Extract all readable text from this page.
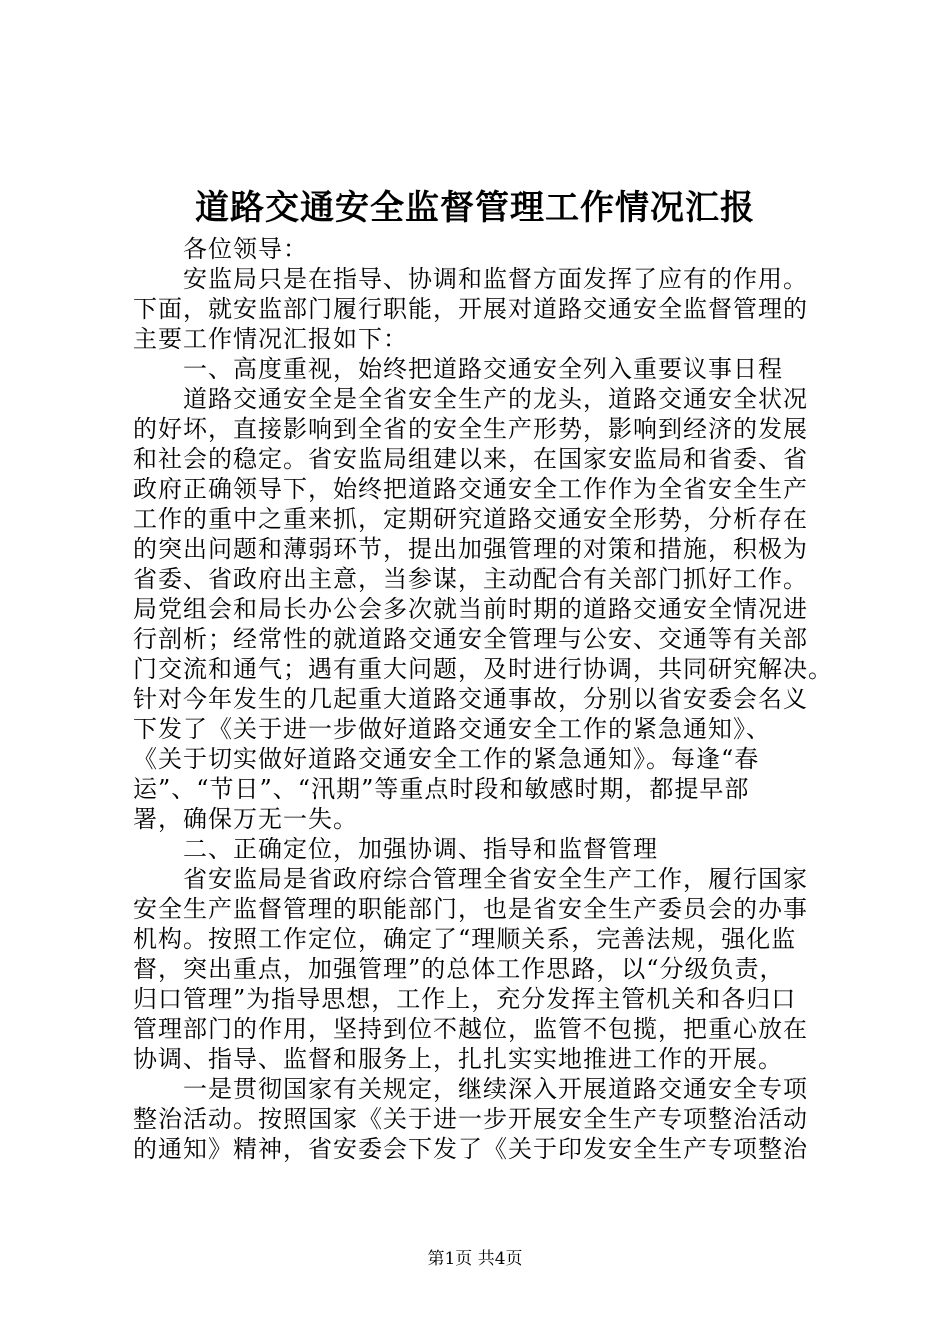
道路交通安全监督管理工作情况汇报
　　各位领导：
　　安监局只是在指导、协调和监督方面发挥了应有的作用。
下面，就安监部门履行职能，开展对道路交通安全监督管理的
主要工作情况汇报如下：
　　一、高度重视，始终把道路交通安全列入重要议事日程
　　道路交通安全是全省安全生产的龙头，道路交通安全状况
的好坏，直接影响到全省的安全生产形势，影响到经济的发展
和社会的稳定。省安监局组建以来，在国家安监局和省委、省
政府正确领导下，始终把道路交通安全工作作为全省安全生产
工作的重中之重来抓，定期研究道路交通安全形势，分析存在
的突出问题和薄弱环节，提出加强管理的对策和措施，积极为
省委、省政府出主意，当参谋，主动配合有关部门抓好工作。
局党组会和局长办公会多次就当前时期的道路交通安全情况进
行剖析；经常性的就道路交通安全管理与公安、交通等有关部
门交流和通气；遇有重大问题，及时进行协调，共同研究解决。
针对今年发生的几起重大道路交通事故，分别以省安委会名义
下发了《关于进一步做好道路交通安全工作的紧急通知》、
《关于切实做好道路交通安全工作的紧急通知》。每逢“春
运”、“节日”、“汛期”等重点时段和敏感时期，都提早部
署，确保万无一失。
　　二、正确定位，加强协调、指导和监督管理
　　省安监局是省政府综合管理全省安全生产工作，履行国家
安全生产监督管理的职能部门，也是省安全生产委员会的办事
机构。按照工作定位，确定了“理顺关系，完善法规，强化监
督，突出重点，加强管理”的总体工作思路，以“分级负责，
归口管理”为指导思想，工作上，充分发挥主管机关和各归口
管理部门的作用，坚持到位不越位，监管不包揽，把重心放在
协调、指导、监督和服务上，扎扎实实地推进工作的开展。
　　一是贯彻国家有关规定，继续深入开展道路交通安全专项
整治活动。按照国家《关于进一步开展安全生产专项整治活动
的通知》精神，省安委会下发了《关于印发安全生产专项整治
第1页 共4页
